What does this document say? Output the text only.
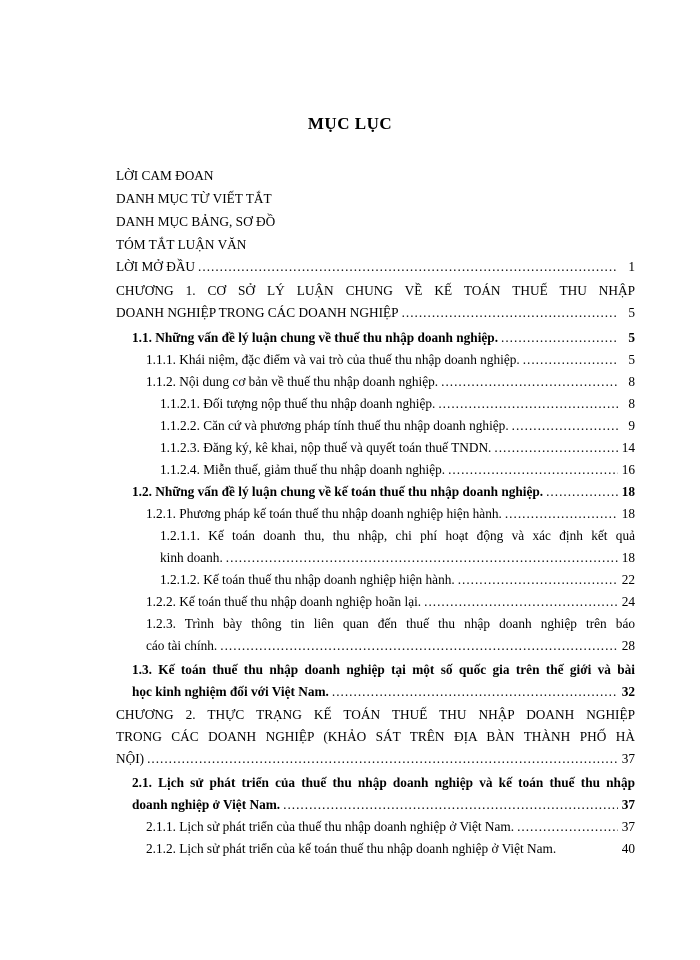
MỤC LỤC
LỜI CAM ĐOAN
DANH MỤC TỪ VIẾT TẮT
DANH MỤC BẢNG, SƠ ĐỒ
TÓM TẮT LUẬN VĂN
LỜI MỞ ĐẦU .....	1
CHƯƠNG 1. CƠ SỞ LÝ LUẬN CHUNG VỀ KẾ TOÁN THUẾ THU NHẬP
DOANH NGHIỆP TRONG CÁC DOANH NGHIỆP .....	5
1.1. Những vấn đề lý luận chung về thuế thu nhập doanh nghiệp. .....	5
1.1.1. Khái niệm, đặc điểm và vai trò của thuế thu nhập doanh nghiệp. .....	5
1.1.2. Nội dung cơ bản về thuế thu nhập doanh nghiệp. .....	8
1.1.2.1. Đối tượng nộp thuế thu nhập doanh nghiệp. .....	8
1.1.2.2. Căn cứ và phương pháp tính thuế thu nhập doanh nghiệp. .....	9
1.1.2.3. Đăng ký, kê khai, nộp thuế và quyết toán thuế TNDN. .....	14
1.1.2.4. Miễn thuế, giảm thuế thu nhập doanh nghiệp. .....	16
1.2. Những vấn đề lý luận chung về kế toán thuế thu nhập doanh nghiệp. .....	18
1.2.1. Phương pháp kế toán thuế thu nhập doanh nghiệp hiện hành. .....	18
1.2.1.1. Kế toán doanh thu, thu nhập, chi phí hoạt động và xác định kết quả
kinh doanh. .....	18
1.2.1.2. Kế toán thuế thu nhập doanh nghiệp hiện hành. .....	22
1.2.2. Kế toán thuế thu nhập doanh nghiệp hoãn lại. .....	24
1.2.3. Trình bày thông tin liên quan đến thuế thu nhập doanh nghiệp trên báo
cáo tài chính. .....	28
1.3. Kế toán thuế thu nhập doanh nghiệp tại một số quốc gia trên thế giới và bài
học kinh nghiệm đối với Việt Nam. .....	32
CHƯƠNG 2. THỰC TRẠNG KẾ TOÁN THUẾ THU NHẬP DOANH NGHIỆP
TRONG CÁC DOANH NGHIỆP (KHẢO SÁT TRÊN ĐỊA BÀN THÀNH PHỐ HÀ
NỘI) .....	37
2.1. Lịch sử phát triển của thuế thu nhập doanh nghiệp và kế toán thuế thu nhập
doanh nghiệp ở Việt Nam. .....	37
2.1.1. Lịch sử phát triển của thuế thu nhập doanh nghiệp ở Việt Nam. .....	37
2.1.2. Lịch sử phát triển của kế toán thuế thu nhập doanh nghiệp ở Việt Nam.	40
